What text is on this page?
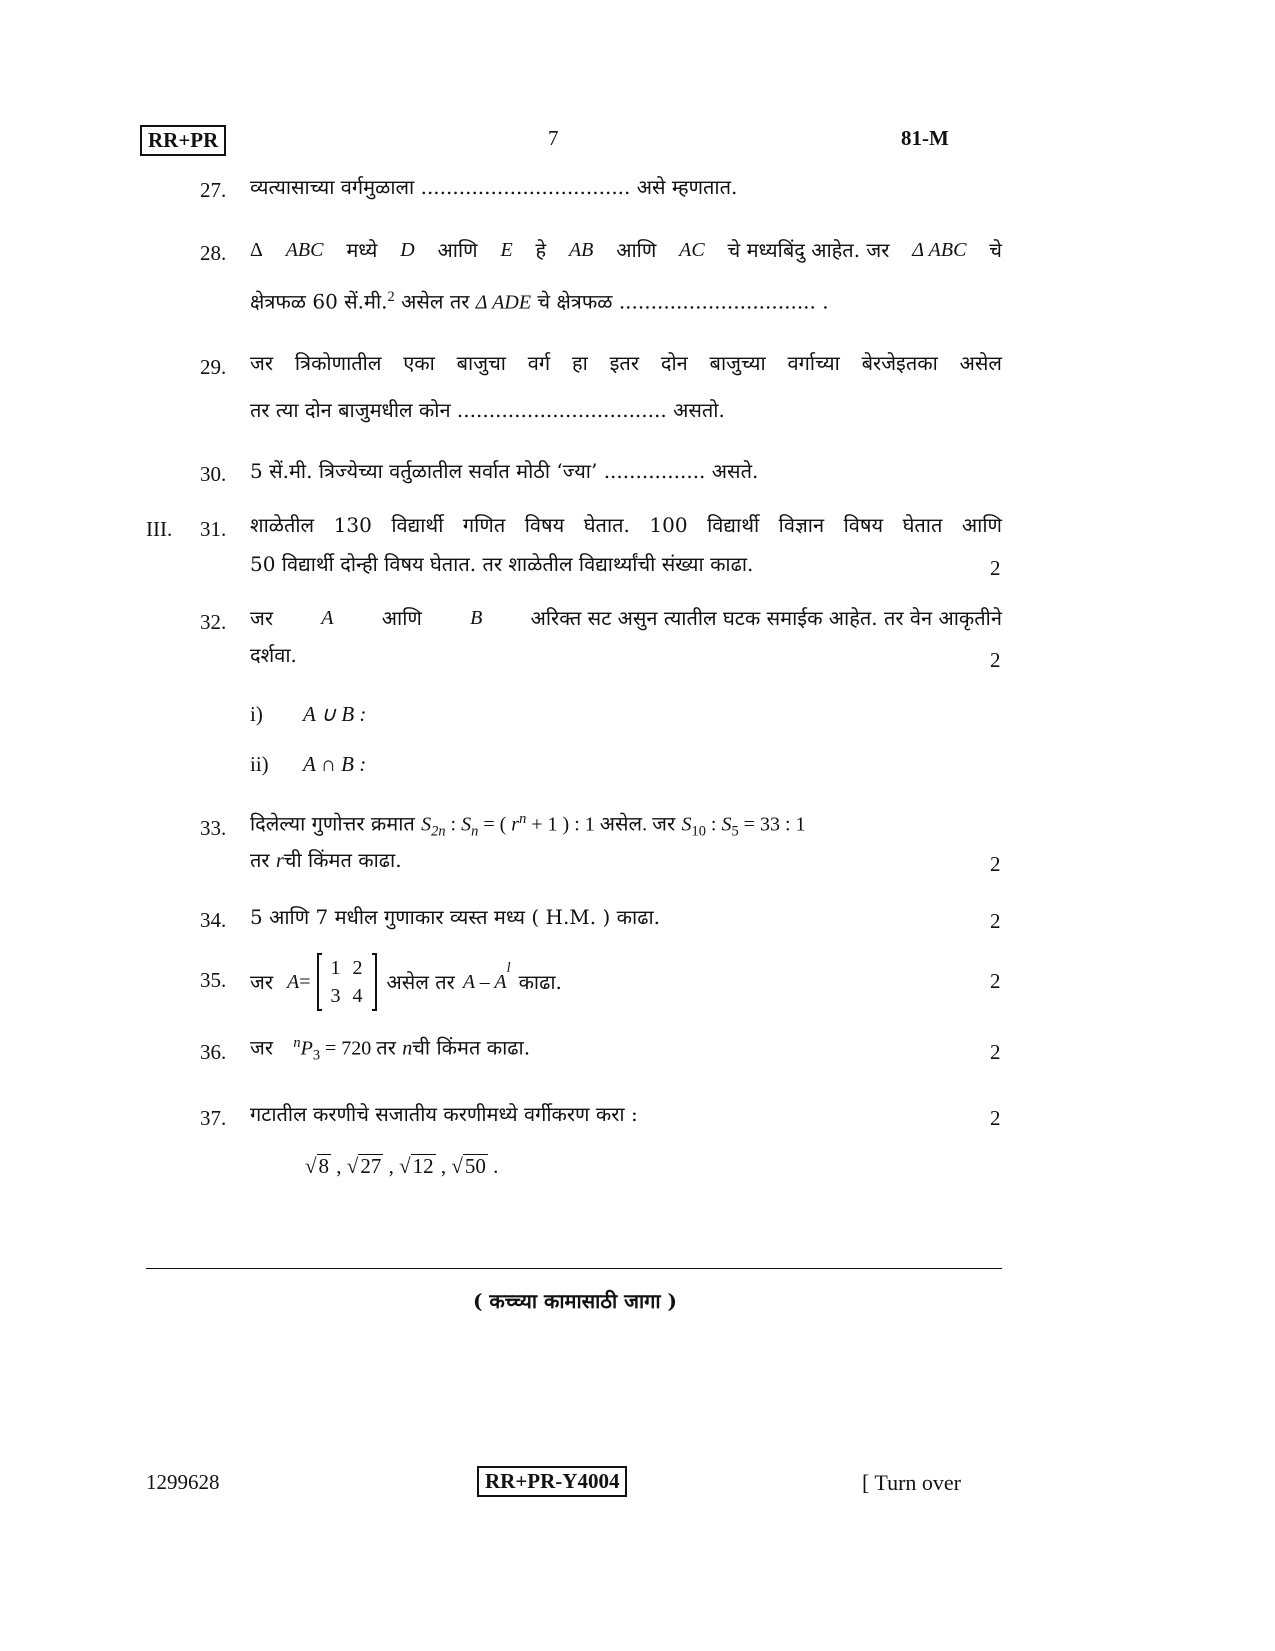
RR+PR	7	81-M
27. व्यत्यासाच्या वर्गमुळाला ................................. असे म्हणतात.
28. Δ ABC मध्ये D आणि E हे AB आणि AC चे मध्यबिंदु आहेत. जर Δ ABC चे
क्षेत्रफळ 60 सें.मी.$^2$ असेल तर Δ ADE चे क्षेत्रफळ ............................... .
29. जर त्रिकोणातील एका बाजुचा वर्ग हा इतर दोन बाजुच्या वर्गाच्या बेरजेइतका असेल
तर त्या दोन बाजुमधील कोन ................................. असतो.
30. 5 सें.मी. त्रिज्येच्या वर्तुळातील सर्वात मोठी ‘ज्या’ ................ असते.
III. 31. शाळेतील 130 विद्यार्थी गणित विषय घेतात. 100 विद्यार्थी विज्ञान विषय घेतात आणि
50 विद्यार्थी दोन्ही विषय घेतात. तर शाळेतील विद्यार्थ्यांची संख्या काढा.	2
32. जर A आणि B अरिक्त सट असुन त्यातील घटक समाईक आहेत. तर वेन आकृतीने
दर्शवा.	2
i) A ∪ B :
ii) A ∩ B :
33. दिलेल्या गुणोत्तर क्रमात $S_{2n}$ : $S_n$ = ( $r^n + 1$ ) : 1 असेल. जर $S_{10}$ : $S_5 = 33$ : 1
तर rची किंमत काढा.	2
34. 5 आणि 7 मधील गुणाकार व्यस्त मध्य ( H.M. ) काढा.	2
35. जर A =
1	2
3	4
असेल तर A – A
$^l$
काढा.	2
36. जर $^nP_3 = 720$ तर nची किंमत काढा.	2
37. गटातील करणीचे सजातीय करणीमध्ये वर्गीकरण करा :	2
√8 , √27 , √12 , √50 .
( कच्च्या कामासाठी जागा )
1299628	RR+PR-Y4004	[ Turn over
